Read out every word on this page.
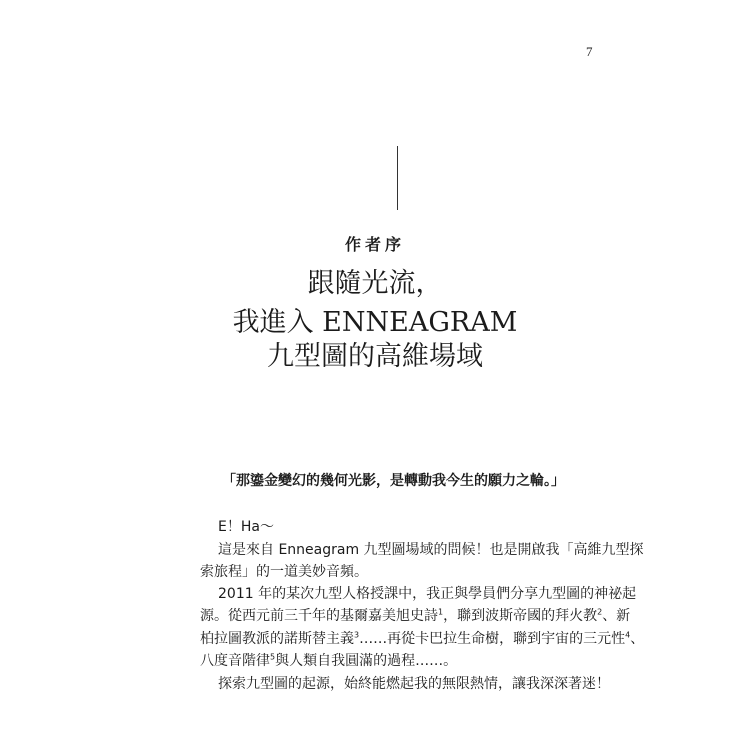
7
作者序
跟隨光流，
我進入 ENNEAGRAM
九型圖的高維場域
「那鎏金變幻的幾何光影，是轉動我今生的願力之輪。」
E！Ha～
這是來自 Enneagram 九型圖場域的問候！也是開啟我「高維九型探
索旅程」的一道美妙音頻。
2011 年的某次九型人格授課中，我正與學員們分享九型圖的神祕起
源。從西元前三千年的基爾嘉美旭史詩$^1$，聯到波斯帝國的拜火教$^2$、新
柏拉圖教派的諾斯替主義$^3$……再從卡巴拉生命樹，聯到宇宙的三元性$^4$、
八度音階律$^5$與人類自我圓滿的過程……。
探索九型圖的起源，始終能燃起我的無限熱情，讓我深深著迷！
